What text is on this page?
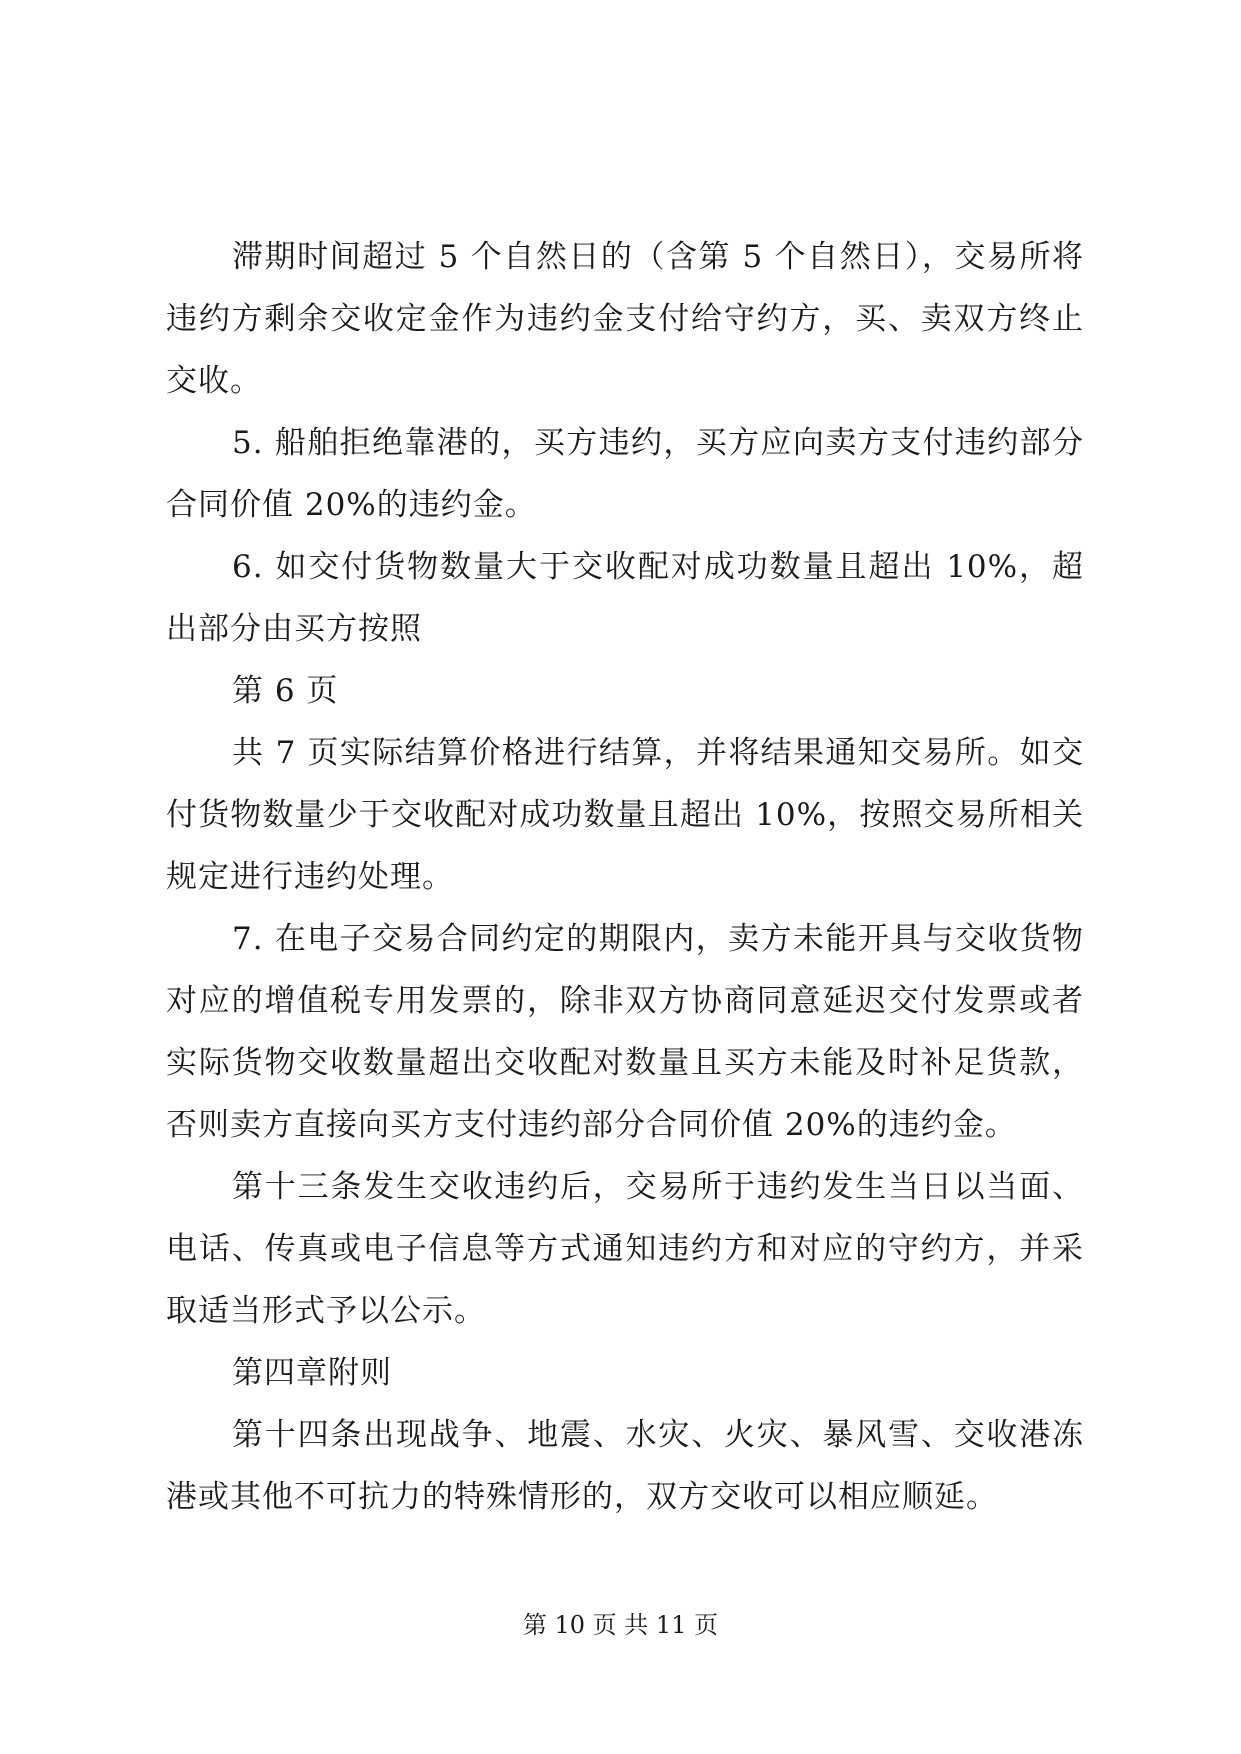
滞期时间超过 5 个自然日的（含第 5 个自然日），交易所将违约方剩余交收定金作为违约金支付给守约方，买、卖双方终止交收。

5. 船舶拒绝靠港的，买方违约，买方应向卖方支付违约部分合同价值 20%的违约金。

6. 如交付货物数量大于交收配对成功数量且超出 10%，超出部分由买方按照

第 6 页

共 7 页实际结算价格进行结算，并将结果通知交易所。如交付货物数量少于交收配对成功数量且超出 10%，按照交易所相关规定进行违约处理。

7. 在电子交易合同约定的期限内，卖方未能开具与交收货物对应的增值税专用发票的，除非双方协商同意延迟交付发票或者实际货物交收数量超出交收配对数量且买方未能及时补足货款，否则卖方直接向买方支付违约部分合同价值 20%的违约金。

第十三条发生交收违约后，交易所于违约发生当日以当面、电话、传真或电子信息等方式通知违约方和对应的守约方，并采取适当形式予以公示。

第四章附则

第十四条出现战争、地震、水灾、火灾、暴风雪、交收港冻港或其他不可抗力的特殊情形的，双方交收可以相应顺延。

第 10 页 共 11 页
